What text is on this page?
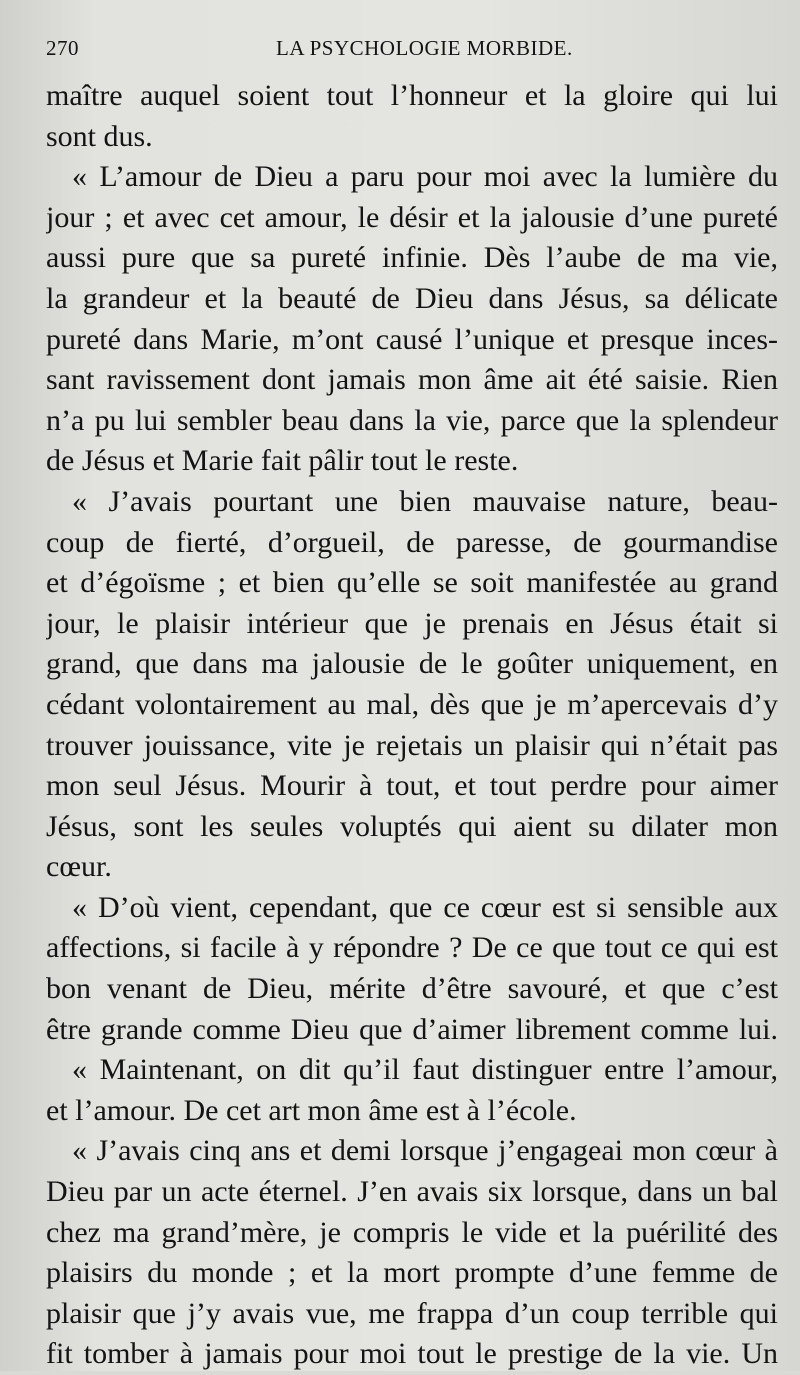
270	LA PSYCHOLOGIE MORBIDE.
maître auquel soient tout l’honneur et la gloire qui lui
sont dus.
« L’amour de Dieu a paru pour moi avec la lumière du
jour ; et avec cet amour, le désir et la jalousie d’une pureté
aussi pure que sa pureté infinie. Dès l’aube de ma vie,
la grandeur et la beauté de Dieu dans Jésus, sa délicate
pureté dans Marie, m’ont causé l’unique et presque inces-
sant ravissement dont jamais mon âme ait été saisie. Rien
n’a pu lui sembler beau dans la vie, parce que la splendeur
de Jésus et Marie fait pâlir tout le reste.
« J’avais pourtant une bien mauvaise nature, beau-
coup de fierté, d’orgueil, de paresse, de gourmandise
et d’égoïsme ; et bien qu’elle se soit manifestée au grand
jour, le plaisir intérieur que je prenais en Jésus était si
grand, que dans ma jalousie de le goûter uniquement, en
cédant volontairement au mal, dès que je m’apercevais d’y
trouver jouissance, vite je rejetais un plaisir qui n’était pas
mon seul Jésus. Mourir à tout, et tout perdre pour aimer
Jésus, sont les seules voluptés qui aient su dilater mon
cœur.
« D’où vient, cependant, que ce cœur est si sensible aux
affections, si facile à y répondre ? De ce que tout ce qui est
bon venant de Dieu, mérite d’être savouré, et que c’est
être grande comme Dieu que d’aimer librement comme lui.
« Maintenant, on dit qu’il faut distinguer entre l’amour,
et l’amour. De cet art mon âme est à l’école.
« J’avais cinq ans et demi lorsque j’engageai mon cœur à
Dieu par un acte éternel. J’en avais six lorsque, dans un bal
chez ma grand’mère, je compris le vide et la puérilité des
plaisirs du monde ; et la mort prompte d’une femme de
plaisir que j’y avais vue, me frappa d’un coup terrible qui
fit tomber à jamais pour moi tout le prestige de la vie. Un
